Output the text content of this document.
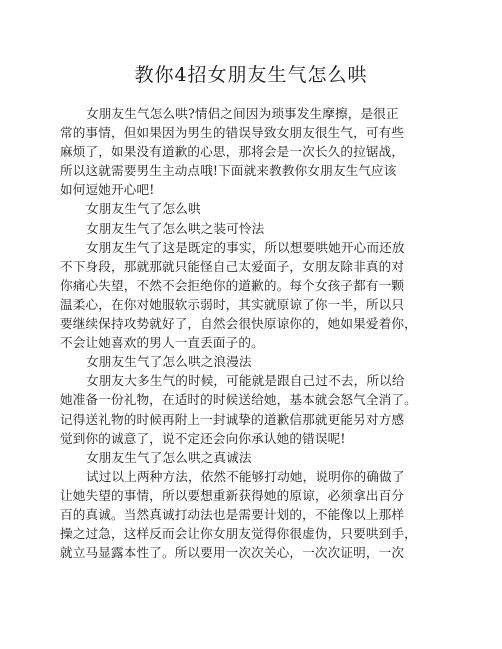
教你4招女朋友生气怎么哄
女朋友生气怎么哄?情侣之间因为琐事发生摩擦，是很正
常的事情，但如果因为男生的错误导致女朋友很生气，可有些
麻烦了，如果没有道歉的心思，那将会是一次长久的拉锯战，
所以这就需要男生主动点哦!下面就来教教你女朋友生气应该
如何逗她开心吧!
女朋友生气了怎么哄
女朋友生气了怎么哄之装可怜法
女朋友生气了这是既定的事实，所以想要哄她开心而还放
不下身段，那就那就只能怪自己太爱面子，女朋友除非真的对
你痛心失望，不然不会拒绝你的道歉的。每个女孩子都有一颗
温柔心，在你对她服软示弱时，其实就原谅了你一半，所以只
要继续保持攻势就好了，自然会很快原谅你的，她如果爱着你，
不会让她喜欢的男人一直丢面子的。
女朋友生气了怎么哄之浪漫法
女朋友大多生气的时候，可能就是跟自己过不去，所以给
她准备一份礼物，在适时的时候送给她，基本就会怒气全消了。
记得送礼物的时候再附上一封诚挚的道歉信那就更能另对方感
觉到你的诚意了，说不定还会向你承认她的错误呢!
女朋友生气了怎么哄之真诚法
试过以上两种方法，依然不能够打动她，说明你的确做了
让她失望的事情，所以要想重新获得她的原谅，必须拿出百分
百的真诚。当然真诚打动法也是需要计划的，不能像以上那样
操之过急，这样反而会让你女朋友觉得你很虚伪，只要哄到手，
就立马显露本性了。所以要用一次次关心，一次次证明，一次
